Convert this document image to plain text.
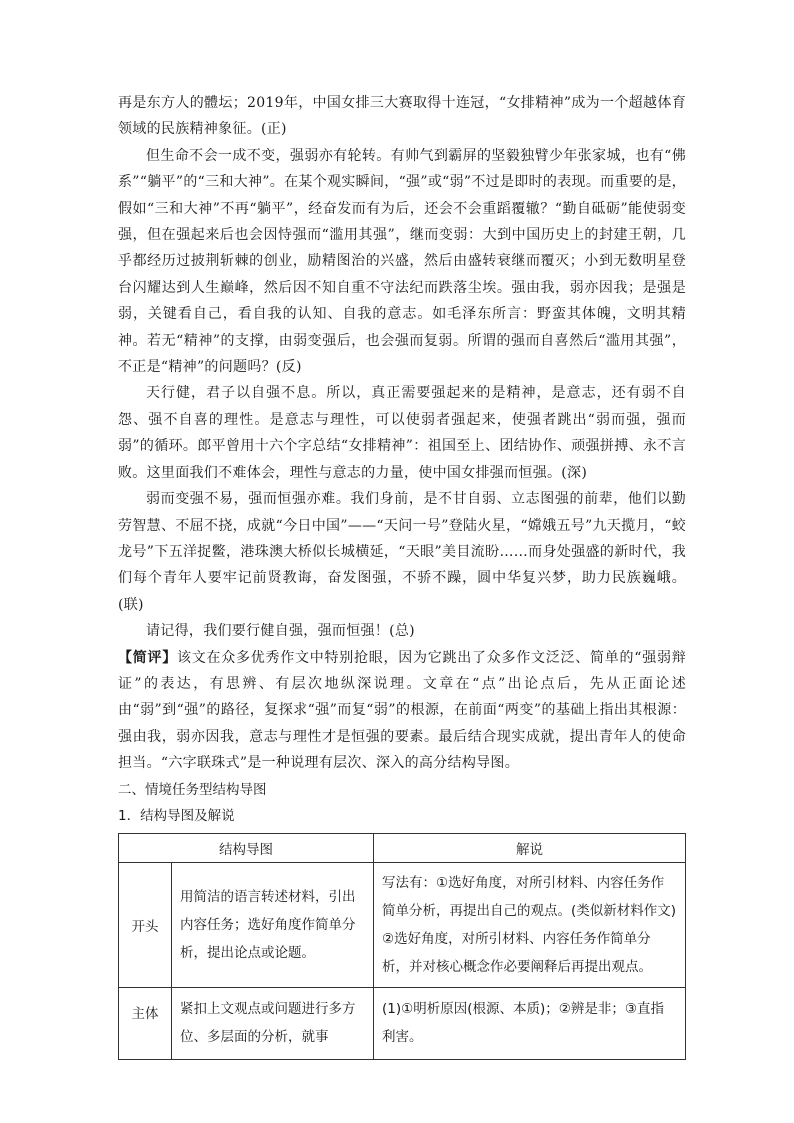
再是东方人的體坛；2019年，中国女排三大赛取得十连冠，“女排精神”成为一个超越体育领域的民族精神象征。(正)

但生命不会一成不变，强弱亦有轮转。有帅气到霸屏的坚毅独臂少年张家城，也有“佛系”“躺平”的“三和大神”。在某个观实瞬间，“强”或“弱”不过是即时的表现。而重要的是，假如“三和大神”不再“躺平”，经奋发而有为后，还会不会重蹈覆辙？“勤自砥砺”能使弱变强，但在强起来后也会因恃强而“滥用其强”，继而变弱：大到中国历史上的封建王朝，几乎都经历过披荆斩棘的创业，励精图治的兴盛，然后由盛转衰继而覆灭；小到无数明星登台闪耀达到人生巅峰，然后因不知自重不守法纪而跌落尘埃。强由我，弱亦因我；是强是弱，关键看自己，看自我的认知、自我的意志。如毛泽东所言：野蛮其体魄，文明其精神。若无“精神”的支撑，由弱变强后，也会强而复弱。所谓的强而自喜然后“滥用其强”，不正是“精神”的问题吗？(反)

天行健，君子以自强不息。所以，真正需要强起来的是精神，是意志，还有弱不自怨、强不自喜的理性。是意志与理性，可以使弱者强起来，使强者跳出“弱而强，强而弱”的循环。郎平曾用十六个字总结“女排精神”：祖国至上、团结协作、顽强拼搏、永不言败。这里面我们不难体会，理性与意志的力量，使中国女排强而恒强。(深)

弱而变强不易，强而恒强亦难。我们身前，是不甘自弱、立志图强的前辈，他们以勤劳智慧、不屈不挠，成就“今日中国”——“天问一号”登陆火星，“嫦娥五号”九天揽月，“蛟龙号”下五洋捉鳖，港珠澳大桥似长城横延，“天眼”美目流盼……而身处强盛的新时代，我们每个青年人要牢记前贤教诲，奋发图强，不骄不躁，圆中华复兴梦，助力民族巍峨。(联)

请记得，我们要行健自强，强而恒强！(总)

【简评】该文在众多优秀作文中特别抢眼，因为它跳出了众多作文泛泛、简单的“强弱辩证”的表达，有思辨、有层次地纵深说理。文章在“点”出论点后，先从正面论述由“弱”到“强”的路径，复探求“强”而复“弱”的根源，在前面“两变”的基础上指出其根源：强由我，弱亦因我，意志与理性才是恒强的要素。最后结合现实成就，提出青年人的使命担当。“六字联珠式”是一种说理有层次、深入的高分结构导图。

二、情境任务型结构导图

1．结构导图及解说

结构导图		解说
开头	用简洁的语言转述材料，引出内容任务；选好角度作简单分析，提出论点或论题。	写法有：①选好角度，对所引材料、内容任务作简单分析，再提出自己的观点。(类似新材料作文)
②选好角度，对所引材料、内容任务作简单分析，并对核心概念作必要阐释后再提出观点。

主体	紧扣上文观点或问题进行多方位、多层面的分析，就事	(1)①明析原因(根源、本质)；②辨是非；③直指利害。
